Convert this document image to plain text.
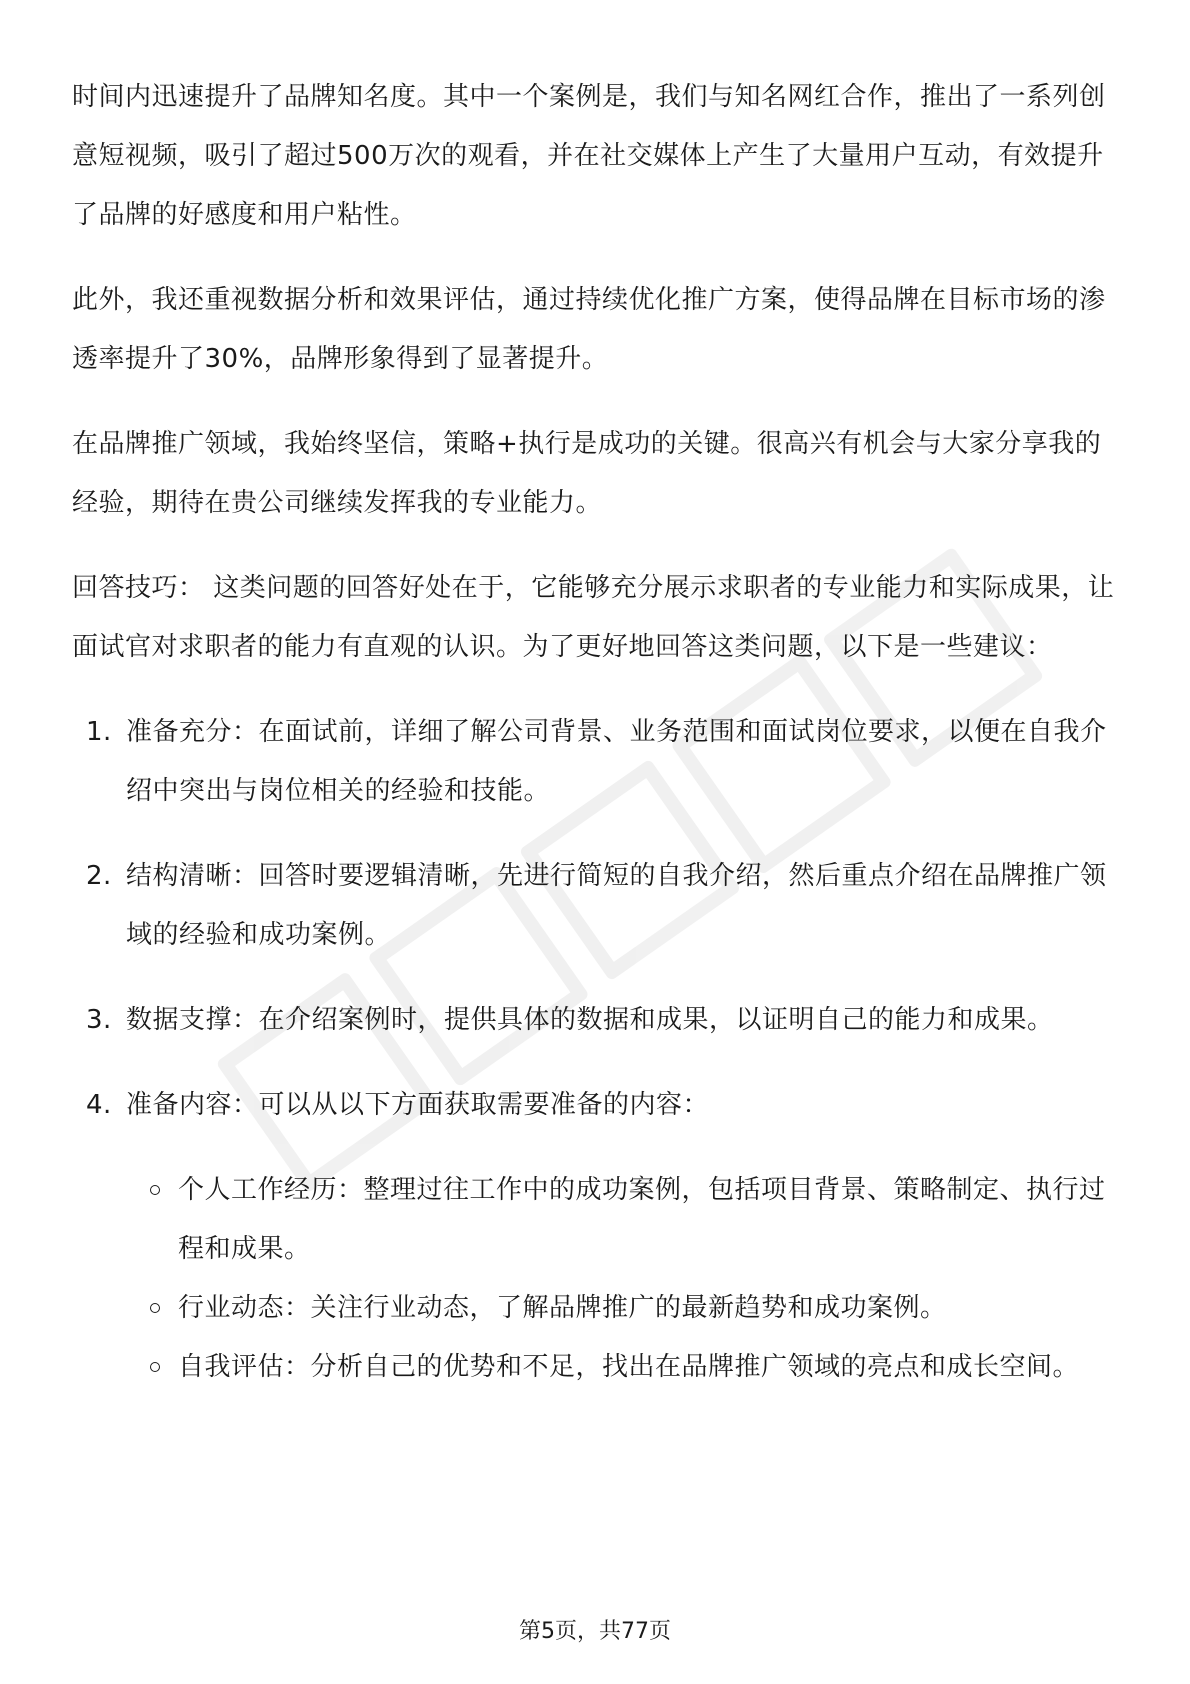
时间内迅速提升了品牌知名度。其中一个案例是，我们与知名网红合作，推出了一系列创意短视频，吸引了超过500万次的观看，并在社交媒体上产生了大量用户互动，有效提升了品牌的好感度和用户粘性。

此外，我还重视数据分析和效果评估，通过持续优化推广方案，使得品牌在目标市场的渗透率提升了30%，品牌形象得到了显著提升。

在品牌推广领域，我始终坚信，策略+执行是成功的关键。很高兴有机会与大家分享我的经验，期待在贵公司继续发挥我的专业能力。

回答技巧： 这类问题的回答好处在于，它能够充分展示求职者的专业能力和实际成果，让面试官对求职者的能力有直观的认识。为了更好地回答这类问题，以下是一些建议：

1. 准备充分：在面试前，详细了解公司背景、业务范围和面试岗位要求，以便在自我介绍中突出与岗位相关的经验和技能。
2. 结构清晰：回答时要逻辑清晰，先进行简短的自我介绍，然后重点介绍在品牌推广领域的经验和成功案例。
3. 数据支撑：在介绍案例时，提供具体的数据和成果，以证明自己的能力和成果。
4. 准备内容：可以从以下方面获取需要准备的内容：
个人工作经历：整理过往工作中的成功案例，包括项目背景、策略制定、执行过程和成果。
行业动态：关注行业动态，了解品牌推广的最新趋势和成功案例。
自我评估：分析自己的优势和不足，找出在品牌推广领域的亮点和成长空间。
第5页，共77页
